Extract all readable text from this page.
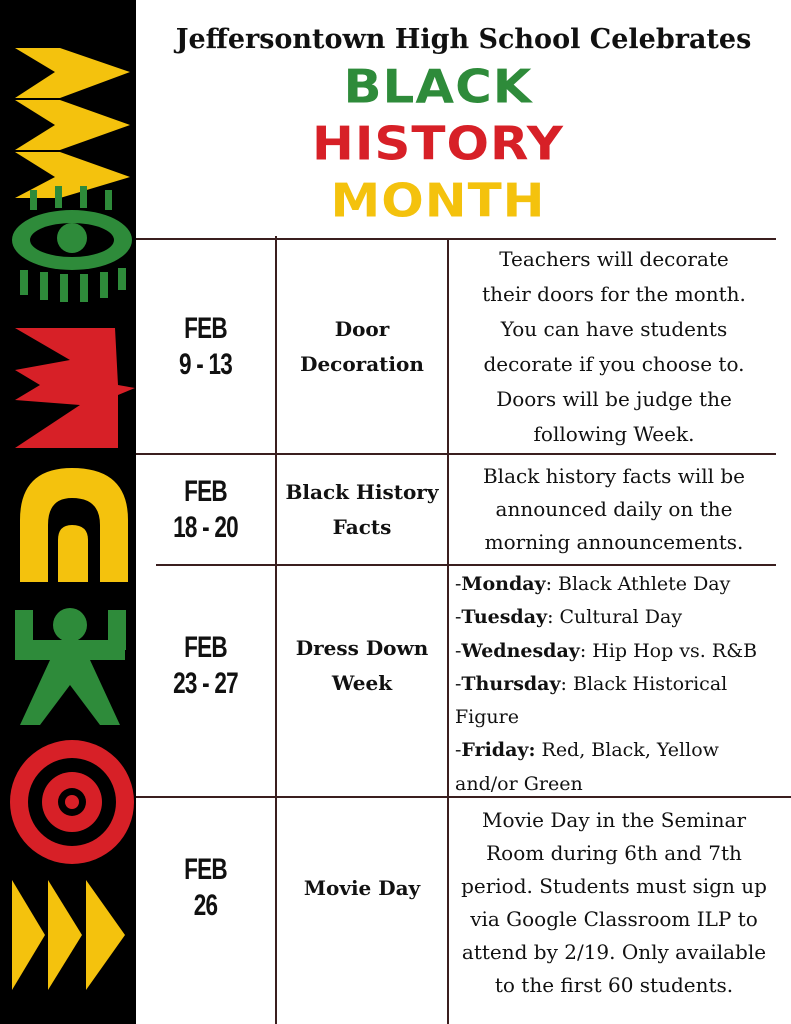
Jeffersontown High School Celebrates
BLACK
HISTORY
MONTH
FEB
9 - 13
Door
Decoration
Teachers will decorate
their doors for the month.
You can have students
decorate if you choose to.
Doors will be judge the
following Week.
FEB
18 - 20
Black History
Facts
Black history facts will be
announced daily on the
morning announcements.
FEB
23 - 27
Dress Down
Week
-Monday: Black Athlete Day
-Tuesday: Cultural Day
-Wednesday: Hip Hop vs. R&B
-Thursday: Black Historical
Figure
-Friday: Red, Black, Yellow
and/or Green
FEB
26
Movie Day
Movie Day in the Seminar
Room during 6th and 7th
period. Students must sign up
via Google Classroom ILP to
attend by 2/19. Only available
to the first 60 students.
